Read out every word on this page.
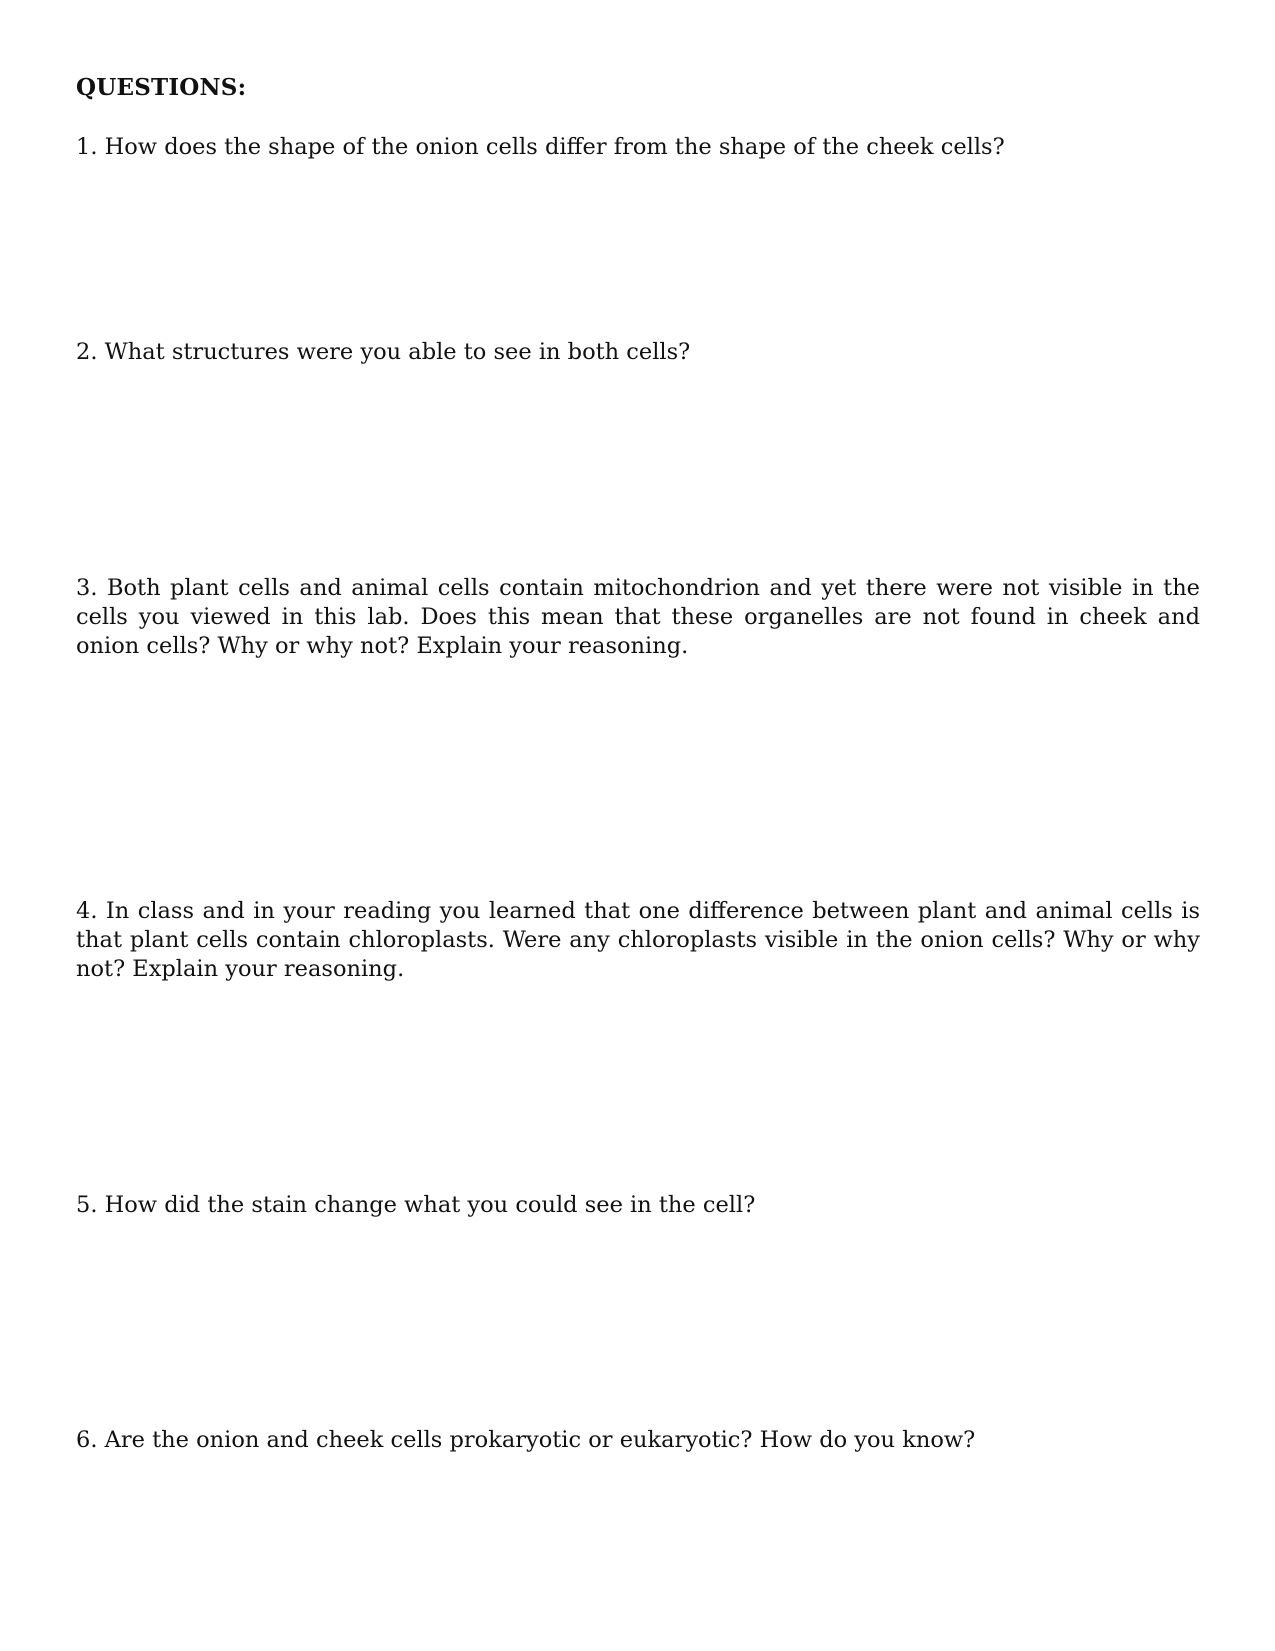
QUESTIONS:

1. How does the shape of the onion cells differ from the shape of the cheek cells?

2. What structures were you able to see in both cells?

3. Both plant cells and animal cells contain mitochondrion and yet there were not visible in the cells you viewed in this lab. Does this mean that these organelles are not found in cheek and onion cells? Why or why not? Explain your reasoning.

4. In class and in your reading you learned that one difference between plant and animal cells is that plant cells contain chloroplasts. Were any chloroplasts visible in the onion cells? Why or why not? Explain your reasoning.

5. How did the stain change what you could see in the cell?

6. Are the onion and cheek cells prokaryotic or eukaryotic? How do you know?
